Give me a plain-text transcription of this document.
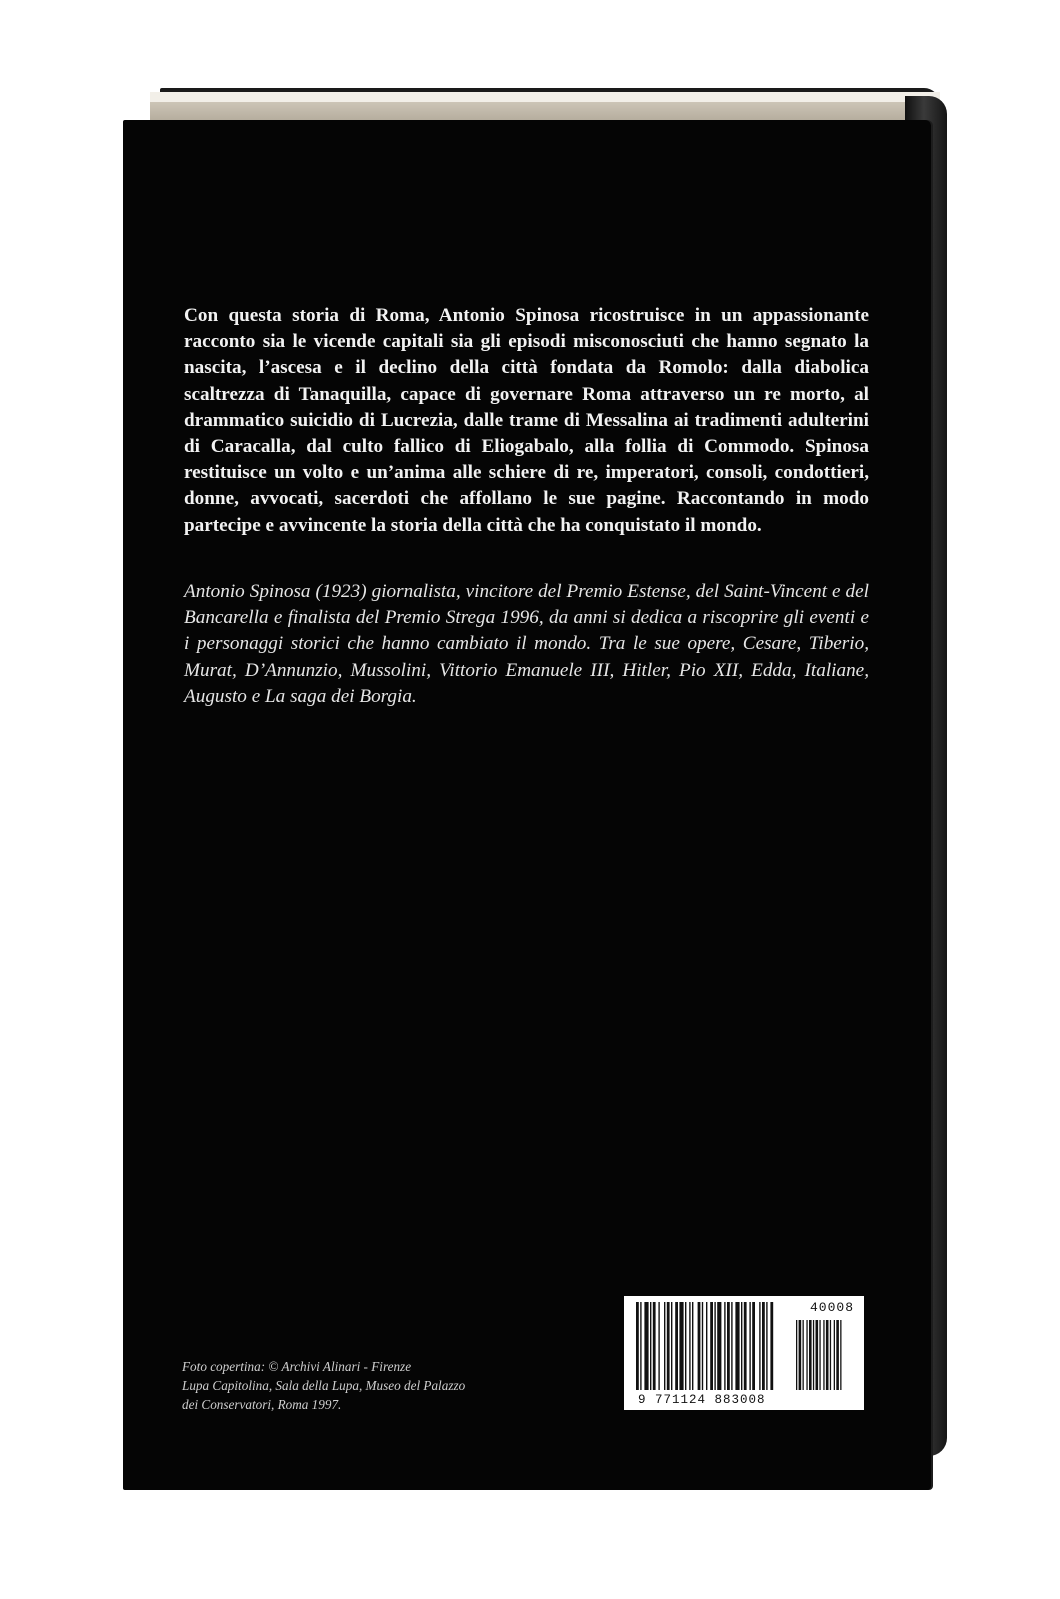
Con questa storia di Roma, Antonio Spinosa ricostruisce in un appassionante racconto sia le vicende capitali sia gli episodi misconosciuti che hanno segnato la nascita, l’ascesa e il declino della città fondata da Romolo: dalla diabolica scaltrezza di Tanaquilla, capace di governare Roma attraverso un re morto, al drammatico suicidio di Lucrezia, dalle trame di Messalina ai tradimenti adulterini di Caracalla, dal culto fallico di Eliogabalo, alla follia di Commodo. Spinosa restituisce un volto e un’anima alle schiere di re, imperatori, consoli, condottieri, donne, avvocati, sacerdoti che affollano le sue pagine. Raccontando in modo partecipe e avvincente la storia della città che ha conquistato il mondo.

Antonio Spinosa (1923) giornalista, vincitore del Premio Estense, del Saint-Vincent e del Bancarella e finalista del Premio Strega 1996, da anni si dedica a riscoprire gli eventi e i personaggi storici che hanno cambiato il mondo. Tra le sue opere, Cesare, Tiberio, Murat, D’Annunzio, Mussolini, Vittorio Emanuele III, Hitler, Pio XII, Edda, Italiane, Augusto e La saga dei Borgia.

Foto copertina: © Archivi Alinari - Firenze
Lupa Capitolina, Sala della Lupa, Museo del Palazzo
dei Conservatori, Roma 1997.

40008
9 771124 883008
